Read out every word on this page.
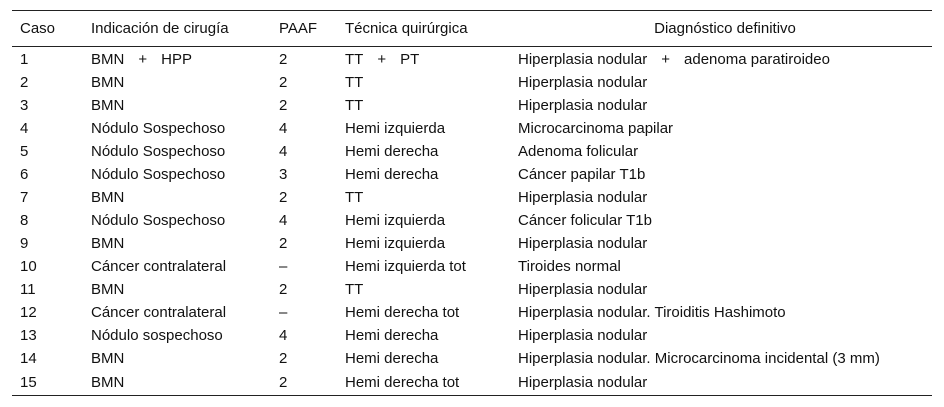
Caso	Indicación de cirugía	PAAF	Técnica quirúrgica	Diagnóstico definitivo
1	BMN + HPP	2	TT + PT	Hiperplasia nodular + adenoma paratiroideo
2	BMN	2	TT	Hiperplasia nodular
3	BMN	2	TT	Hiperplasia nodular
4	Nódulo Sospechoso	4	Hemi izquierda	Microcarcinoma papilar
5	Nódulo Sospechoso	4	Hemi derecha	Adenoma folicular
6	Nódulo Sospechoso	3	Hemi derecha	Cáncer papilar T1b
7	BMN	2	TT	Hiperplasia nodular
8	Nódulo Sospechoso	4	Hemi izquierda	Cáncer folicular T1b
9	BMN	2	Hemi izquierda	Hiperplasia nodular
10	Cáncer contralateral	–	Hemi izquierda tot	Tiroides normal
11	BMN	2	TT	Hiperplasia nodular
12	Cáncer contralateral	–	Hemi derecha tot	Hiperplasia nodular. Tiroiditis Hashimoto
13	Nódulo sospechoso	4	Hemi derecha	Hiperplasia nodular
14	BMN	2	Hemi derecha	Hiperplasia nodular. Microcarcinoma incidental (3 mm)
15	BMN	2	Hemi derecha tot	Hiperplasia nodular
